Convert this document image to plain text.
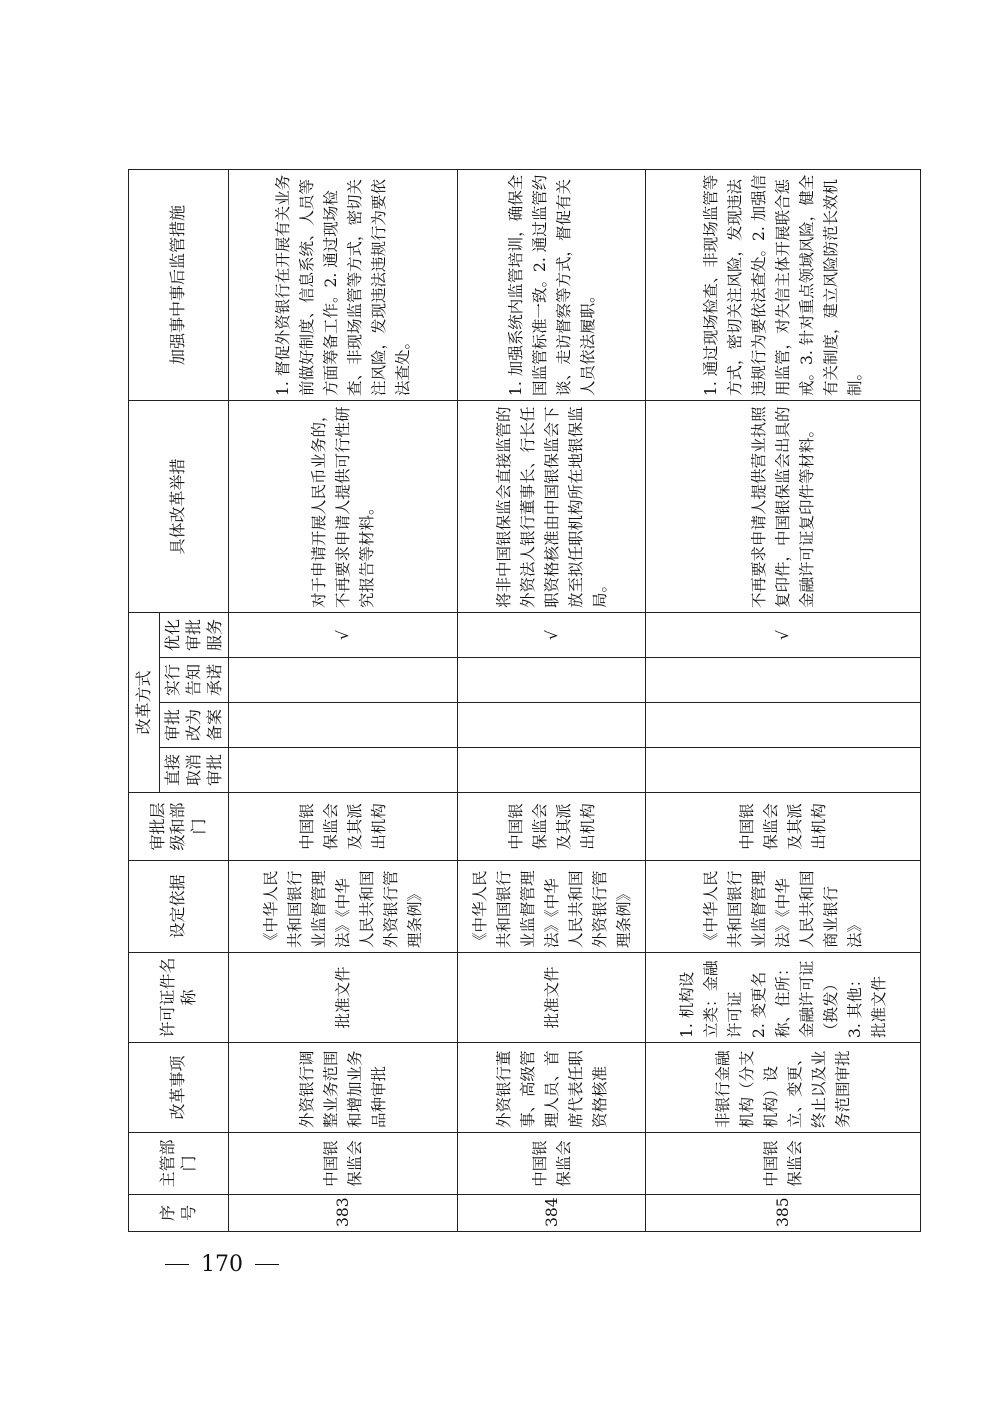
序号	主管部门	改革事项	许可证件名称	设定依据	审批层级和部门	改革方式				具体改革举措	加强事中事后监管措施
						直接取消审批	审批改为备案	实行告知承诺	优化审批服务		
383	中国银保监会	外资银行调整业务范围和增加业务品种审批	批准文件	《中华人民共和国银行业监督管理法》《中华人民共和国外资银行管理条例》	中国银保监会及其派出机构				√	对于申请开展人民币业务的，不再要求申请人提供可行性研究报告等材料。	1. 督促外资银行在开展有关业务前做好制度、信息系统、人员等方面筹备工作。2. 通过现场检查、非现场监管等方式，密切关注风险，发现违法违规行为要依法查处。
384	中国银保监会	外资银行董事、高级管理人员、首席代表任职资格核准	批准文件	《中华人民共和国银行业监督管理法》《中华人民共和国外资银行管理条例》	中国银保监会及其派出机构				√	将非中国银保监会直接监管的外资法人银行董事长、行长任职资格核准由中国银保监会下放至拟任职机构所在地银保监局。	1. 加强系统内监管培训，确保全国监管标准一致。2. 通过监管约谈、走访督察等方式，督促有关人员依法履职。
385	中国银保监会	非银行金融机构（分支机构）设立、变更、终止以及业务范围审批	1. 机构设立类：金融许可证
2. 变更名称、住所：金融许可证（换发）
3. 其他：批准文件	《中华人民共和国银行业监督管理法》《中华人民共和国商业银行法》	中国银保监会及其派出机构				√	不再要求申请人提供营业执照复印件，中国银保监会出具的金融许可证复印件等材料。	1. 通过现场检查、非现场监管等方式，密切关注风险，发现违法违规行为要依法查处。2. 加强信用监管，对失信主体开展联合惩戒。3. 针对重点领域风险，健全有关制度，建立风险防范长效机制。
170
